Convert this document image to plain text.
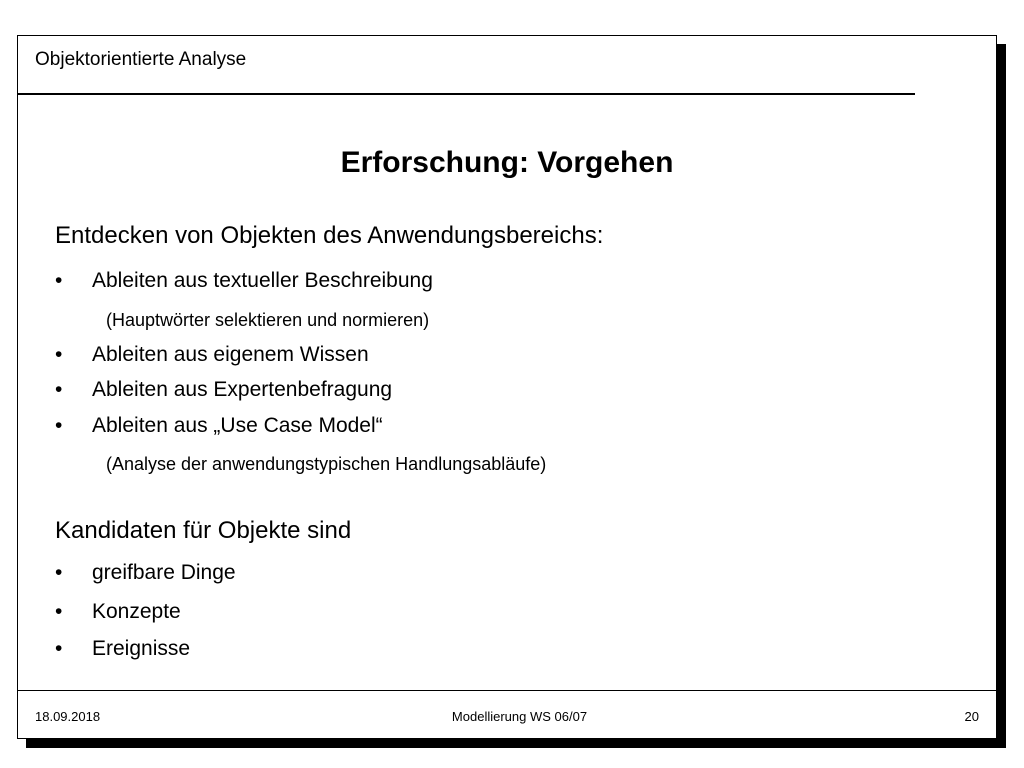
Objektorientierte Analyse
Erforschung: Vorgehen
Entdecken von Objekten des Anwendungsbereichs:
• Ableiten aus textueller Beschreibung
(Hauptwörter selektieren und normieren)
• Ableiten aus eigenem Wissen
• Ableiten aus Expertenbefragung
• Ableiten aus „Use Case Model“
(Analyse der anwendungstypischen Handlungsabläufe)
Kandidaten für Objekte sind
• greifbare Dinge
• Konzepte
• Ereignisse
18.09.2018	Modellierung WS 06/07	20
